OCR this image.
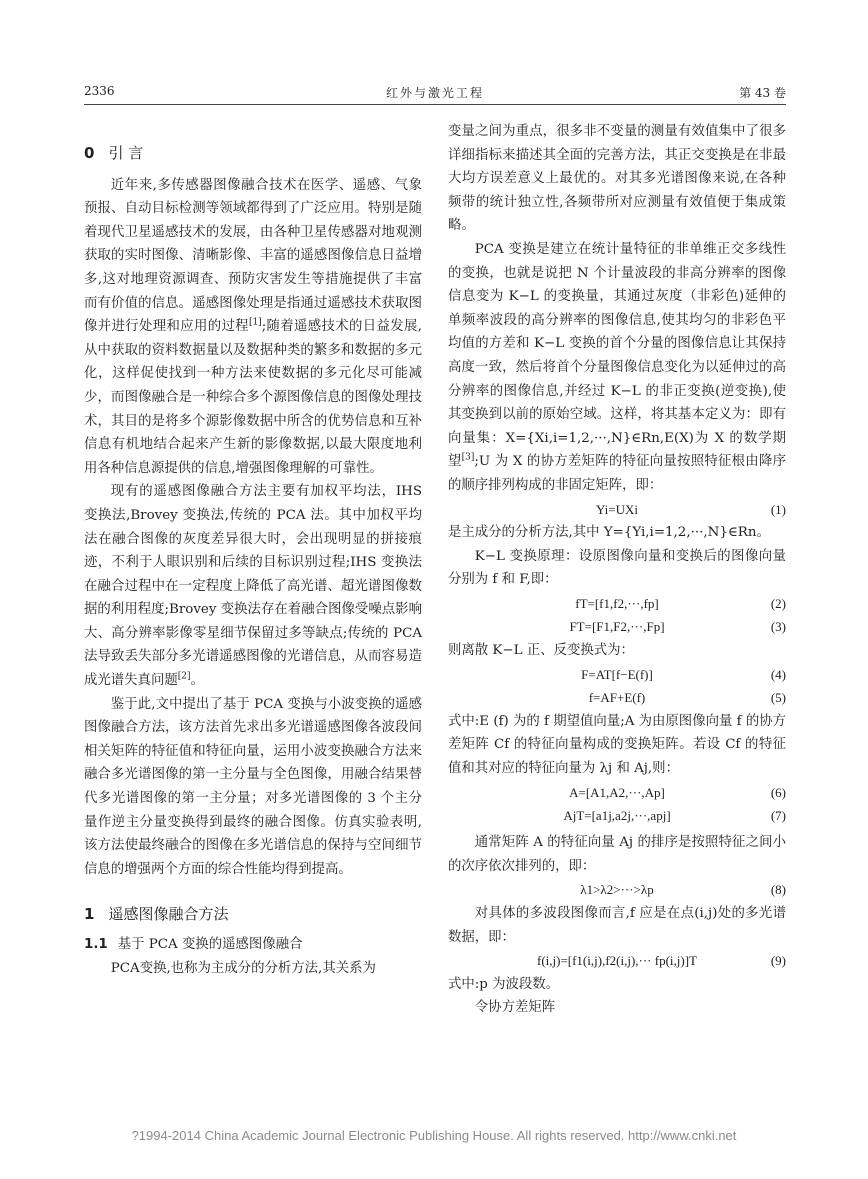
2336	红外与激光工程	第 43 卷
0 引 言

近年来,多传感器图像融合技术在医学、遥感、气象预报、自动目标检测等领域都得到了广泛应用。特别是随着现代卫星遥感技术的发展，由各种卫星传感器对地观测获取的实时图像、清晰影像、丰富的遥感图像信息日益增多,这对地理资源调查、预防灾害发生等措施提供了丰富而有价值的信息。遥感图像处理是指通过遥感技术获取图像并进行处理和应用的过程[1];随着遥感技术的日益发展,从中获取的资料数据量以及数据种类的繁多和数据的多元化，这样促使找到一种方法来使数据的多元化尽可能减少，而图像融合是一种综合多个源图像信息的图像处理技术，其目的是将多个源影像数据中所含的优势信息和互补信息有机地结合起来产生新的影像数据,以最大限度地利用各种信息源提供的信息,增强图像理解的可靠性。

现有的遥感图像融合方法主要有加权平均法，IHS 变换法,Brovey 变换法,传统的 PCA 法。其中加权平均法在融合图像的灰度差异很大时，会出现明显的拼接痕迹，不利于人眼识别和后续的目标识别过程;IHS 变换法在融合过程中在一定程度上降低了高光谱、超光谱图像数据的利用程度;Brovey 变换法存在着融合图像受噪点影响大、高分辨率影像零星细节保留过多等缺点;传统的 PCA 法导致丢失部分多光谱遥感图像的光谱信息，从而容易造成光谱失真问题[2]。

鉴于此,文中提出了基于 PCA 变换与小波变换的遥感图像融合方法，该方法首先求出多光谱遥感图像各波段间相关矩阵的特征值和特征向量，运用小波变换融合方法来融合多光谱图像的第一主分量与全色图像，用融合结果替代多光谱图像的第一主分量；对多光谱图像的 3 个主分量作逆主分量变换得到最终的融合图像。仿真实验表明,该方法使最终融合的图像在多光谱信息的保持与空间细节信息的增强两个方面的综合性能均得到提高。

1 遥感图像融合方法
1.1 基于 PCA 变换的遥感图像融合

PCA变换,也称为主成分的分析方法,其关系为

变量之间为重点，很多非不变量的测量有效值集中了很多详细指标来描述其全面的完善方法，其正交变换是在非最大均方误差意义上最优的。对其多光谱图像来说,在各种频带的统计独立性,各频带所对应测量有效值便于集成策略。

PCA 变换是建立在统计量特征的非单维正交多线性的变换，也就是说把 N 个计量波段的非高分辨率的图像信息变为 K−L 的变换量，其通过灰度（非彩色)延伸的单频率波段的高分辨率的图像信息,使其均匀的非彩色平均值的方差和 K−L 变换的首个分量的图像信息让其保持高度一致，然后将首个分量图像信息变化为以延伸过的高分辨率的图像信息,并经过 K−L 的非正变换(逆变换),使其变换到以前的原始空域。这样，将其基本定义为：即有向量集：X={Xi,i=1,2,···,N}∈Rn,E(X)为 X 的数学期望[3];U 为 X 的协方差矩阵的特征向量按照特征根由降序的顺序排列构成的非固定矩阵，即：

Yi=UXi	(1)

是主成分的分析方法,其中 Y={Yi,i=1,2,···,N}∈Rn。

K−L 变换原理：设原图像向量和变换后的图像向量分别为 f 和 F,即：

fT=[f1,f2,···,fp]	(2)
FT=[F1,F2,···,Fp]	(3)

则离散 K−L 正、反变换式为：

F=AT[f−E(f)]	(4)
f=AF+E(f)	(5)

式中:E (f) 为的 f 期望值向量;A 为由原图像向量 f 的协方差矩阵 Cf 的特征向量构成的变换矩阵。若设 Cf 的特征值和其对应的特征向量为 λj 和 Aj,则：

A=[A1,A2,···,Ap]	(6)
AjT=[a1j,a2j,···,apj]	(7)

通常矩阵 A 的特征向量 Aj 的排序是按照特征之间小的次序依次排列的，即：

λ1>λ2>···>λp	(8)

对具体的多波段图像而言,f 应是在点(i,j)处的多光谱数据，即：

f(i,j)=[f1(i,j),f2(i,j),··· fp(i,j)]T	(9)

式中:p 为波段数。

令协方差矩阵

?1994-2014 China Academic Journal Electronic Publishing House. All rights reserved. http://www.cnki.net
